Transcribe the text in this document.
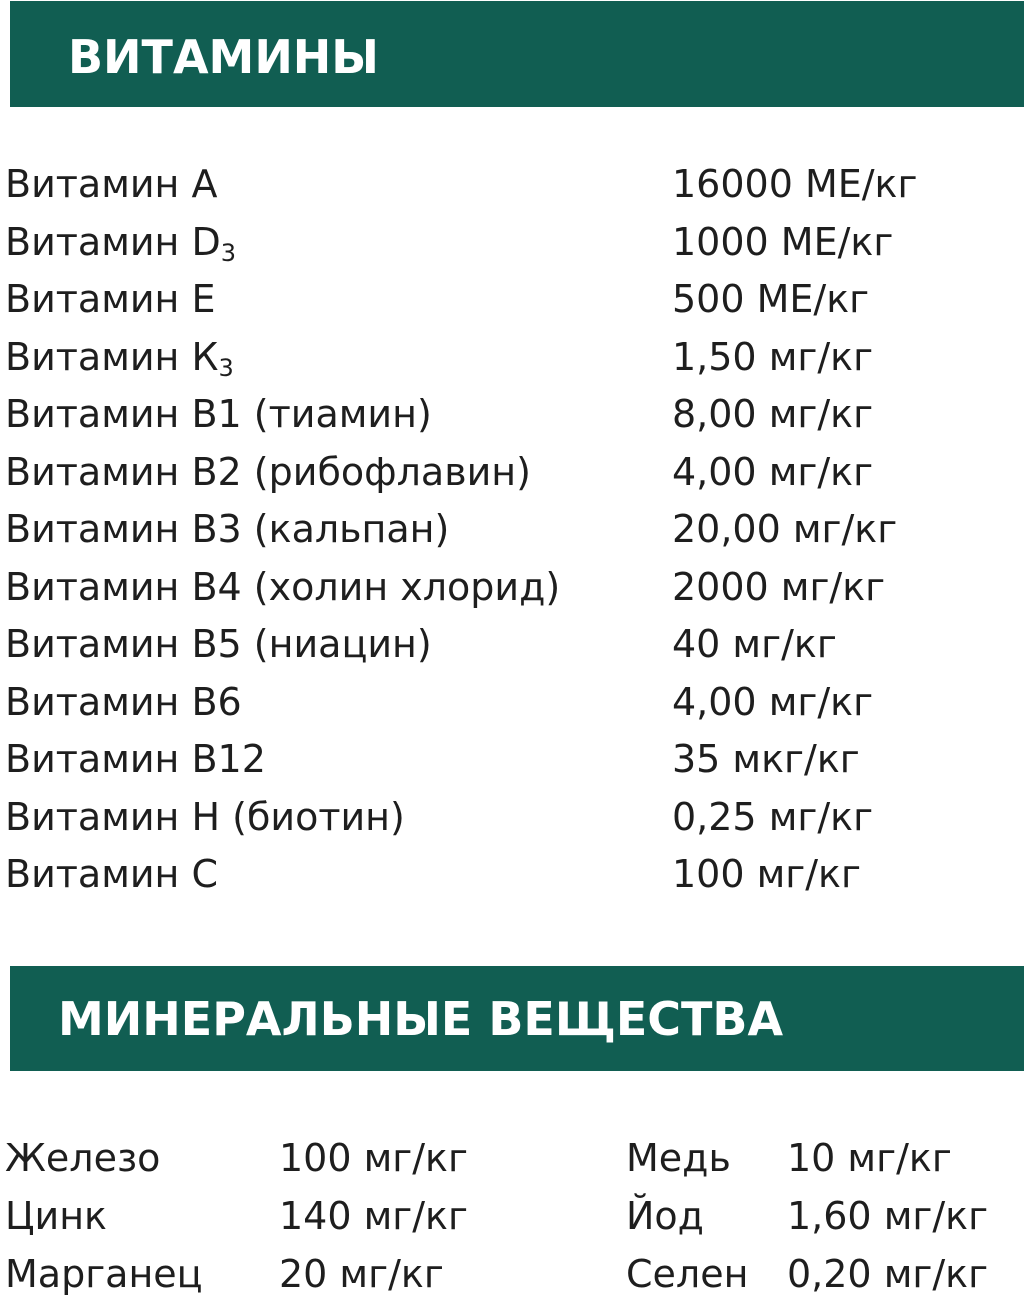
ВИТАМИНЫ
Витамин А	16000 МЕ/кг
Витамин $D_3$	1000 МЕ/кг
Витамин Е	500 МЕ/кг
Витамин $К_3$	1,50 мг/кг
Витамин В1 (тиамин)	8,00 мг/кг
Витамин В2 (рибофлавин)	4,00 мг/кг
Витамин В3 (кальпан)	20,00 мг/кг
Витамин В4 (холин хлорид)	2000 мг/кг
Витамин В5 (ниацин)	40 мг/кг
Витамин В6	4,00 мг/кг
Витамин В12	35 мкг/кг
Витамин Н (биотин)	0,25 мг/кг
Витамин С	100 мг/кг
МИНЕРАЛЬНЫЕ ВЕЩЕСТВА
Железо	100 мг/кг	Медь 10 мг/кг
Цинк	140 мг/кг	Йод 1,60 мг/кг
Марганец 20 мг/кг	Селен 0,20 мг/кг
